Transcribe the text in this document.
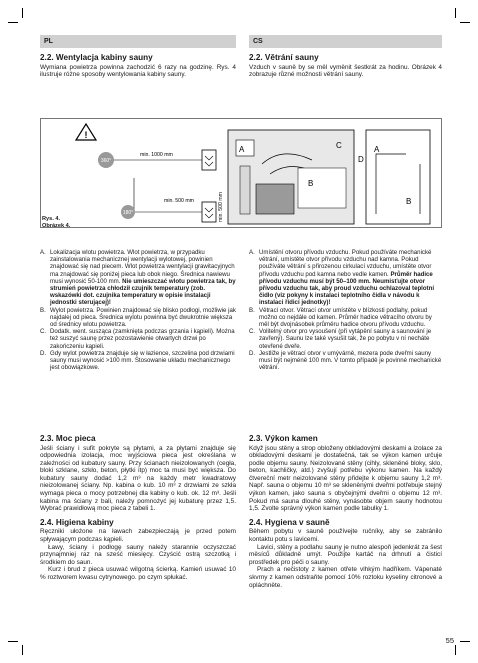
PL	CS
2.2. Wentylacja kabiny sauny

Wymiana powietrza powinna zachodzić 6 razy na godzinę. Rys. 4 ilustruje różne sposoby wentylowania kabiny sauny.

2.2. Větrání sauny

Vzduch v sauně by se měl vyměnit šestkrát za hodinu. Obrázek 4 zobrazuje různé možnosti větrání sauny.

!
360°
min. 1000 mm
180°
min. 500 mm
A
B
C
D
min. 500 mm
A
B
Rys. 4.
Obrázek 4.
A. Lokalizacja wlotu powietrza. Wlot powietrza, w przypadku zainstalowania mechanicznej wentylacji wylotowej, powinien znajdować się nad piecem. Wlot powietrza wentylacji grawitacyjnych ma znajdować się poniżej pieca lub obok niego. Średnica nawiewu musi wynosić 50-100 mm. Nie umieszczać wlotu powietrza tak, by strumień powietrza chłodził czujnik temperatury (zob. wskazówki dot. czujnika temperatury w opisie instalacji jednostki sterującej)!
B. Wylot powietrza. Powinien znajdować się blisko podłogi, możliwie jak najdalej od pieca. Średnica wylotu powinna być dwukrotnie większa od średnicy wlotu powietrza.
C. Dodatk. went. susząca (zamknięta podczas grzania i kąpieli). Można też suszyć saunę przez pozostawienie otwartych drzwi po zakończeniu kąpieli.
D. Gdy wylot powietrza znajduje się w łazience, szczelina pod drzwiami sauny musi wynosić >100 mm. Stosowanie układu mechanicznego jest obowiązkowe.
A. Umístění otvoru přívodu vzduchu. Pokud používáte mechanické větrání, umístěte otvor přívodu vzduchu nad kamna. Pokud používáte větrání s přirozenou cirkulací vzduchu, umístěte otvor přívodu vzduchu pod kamna nebo vedle kamen. Průměr hadice přívodu vzduchu musí být 50–100 mm. Neumisťujte otvor přívodu vzduchu tak, aby proud vzduchu ochlazoval teplotní čidlo (viz pokyny k instalaci teplotního čidla v návodu k instalaci řídicí jednotky)!
B. Větrací otvor. Větrací otvor umístěte v blízkosti podlahy, pokud možno co nejdále od kamen. Průměr hadice větracího otvoru by měl být dvojnásobek průměru hadice otvoru přívodu vzduchu.
C. Volitelný otvor pro vysoušení (při vytápění sauny a saunování je zavřený). Saunu lze také vysušit tak, že po pobytu v ní necháte otevřené dveře.
D. Jestliže je větrací otvor v umývárně, mezera pode dveřmi sauny musí být nejméně 100 mm. V tomto případě je povinné mechanické větrání.
2.3. Moc pieca

Jeśli ściany i sufit pokryte są płytami, a za płytami znajduje się odpowiednia izolacja, moc wyjściowa pieca jest określana w zależności od kubatury sauny. Przy ścianach nieizolowanych (cegła, bloki szklane, szkło, beton, płytki itp) moc ta musi być większa. Do kubatury sauny dodać 1,2 m³ na każdy metr kwadratowy nieizolowanej ściany. Np. kabina o kub. 10 m³ z drzwiami ze szkła wymaga pieca o mocy potrzebnej dla kabiny o kub. ok. 12 m³. Jeśli kabina ma ściany z bali, należy pomnożyć jej kubaturę przez 1,5. Wybrać prawidłową moc pieca z tabeli 1.

2.4. Higiena kabiny

Ręczniki ułożone na ławach zabezpieczają je przed potem spływającym podczas kąpieli.

Ławy, ściany i podłogę sauny należy starannie oczyszczać przynajmniej raz na sześć miesięcy. Czyścić ostrą szczotką i środkiem do saun.

Kurz i brud z pieca usuwać wilgotną ścierką. Kamień usuwać 10 % roztworem kwasu cytrynowego. po czym spłukać.

2.3. Výkon kamen

Když jsou stěny a strop obloženy obkladovými deskami a izolace za obkladovými deskami je dostatečná, tak se výkon kamen určuje podle objemu sauny. Neizolované stěny (cihly, skleněné bloky, sklo, beton, kachličky, atd.) zvyšují potřebu výkonu kamen. Na každý čtvereční metr neizolované stěny přidejte k objemu sauny 1,2 m³. Např. sauna o objemu 10 m³ se skleněnými dveřmi potřebuje stejný výkon kamen, jako sauna s obyčejnými dveřmi o objemu 12 m³. Pokud má sauna dlouhé stěny, vynásobte objem sauny hodnotou 1,5. Zvolte správný výkon kamen podle tabulky 1.

2.4. Hygiena v sauně

Během pobytu v sauně používejte ručníky, aby se zabránilo kontaktu potu s lavicemi.

Lavici, stěny a podlahu sauny je nutno alespoň jedenkrát za šest měsíců důkladně umýt. Použijte kartáč na drhnutí a čisticí prostředek pro péči o sauny.

Prach a nečistoty z kamen otřete vlhkým hadříkem. Vápenaté skvrny z kamen odstraňte pomocí 10% roztoku kyseliny citronové a opláchněte.

55
